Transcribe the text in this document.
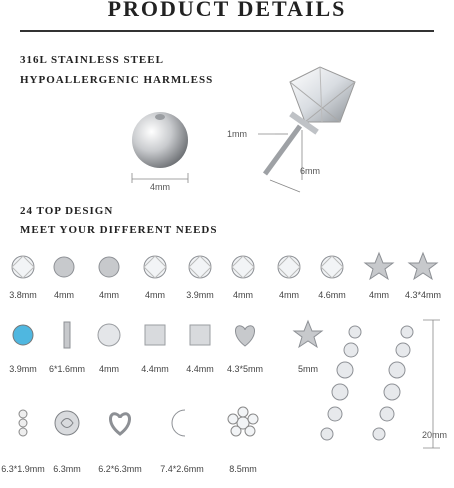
PRODUCT DETAILS
316L STAINLESS STEEL
HYPOALLERGENIC HARMLESS
4mm
1mm
6mm
24 TOP DESIGN
MEET YOUR DIFFERENT NEEDS
3.8mm	4mm	4mm	4mm	3.9mm	4mm	4mm	4.6mm	4mm	4.3*4mm
3.9mm	6*1.6mm	4mm	4.4mm	4.4mm	4.3*5mm	5mm
6.3*1.9mm 6.3mm	6.2*6.3mm 7.4*2.6mm	8.5mm
20mm
